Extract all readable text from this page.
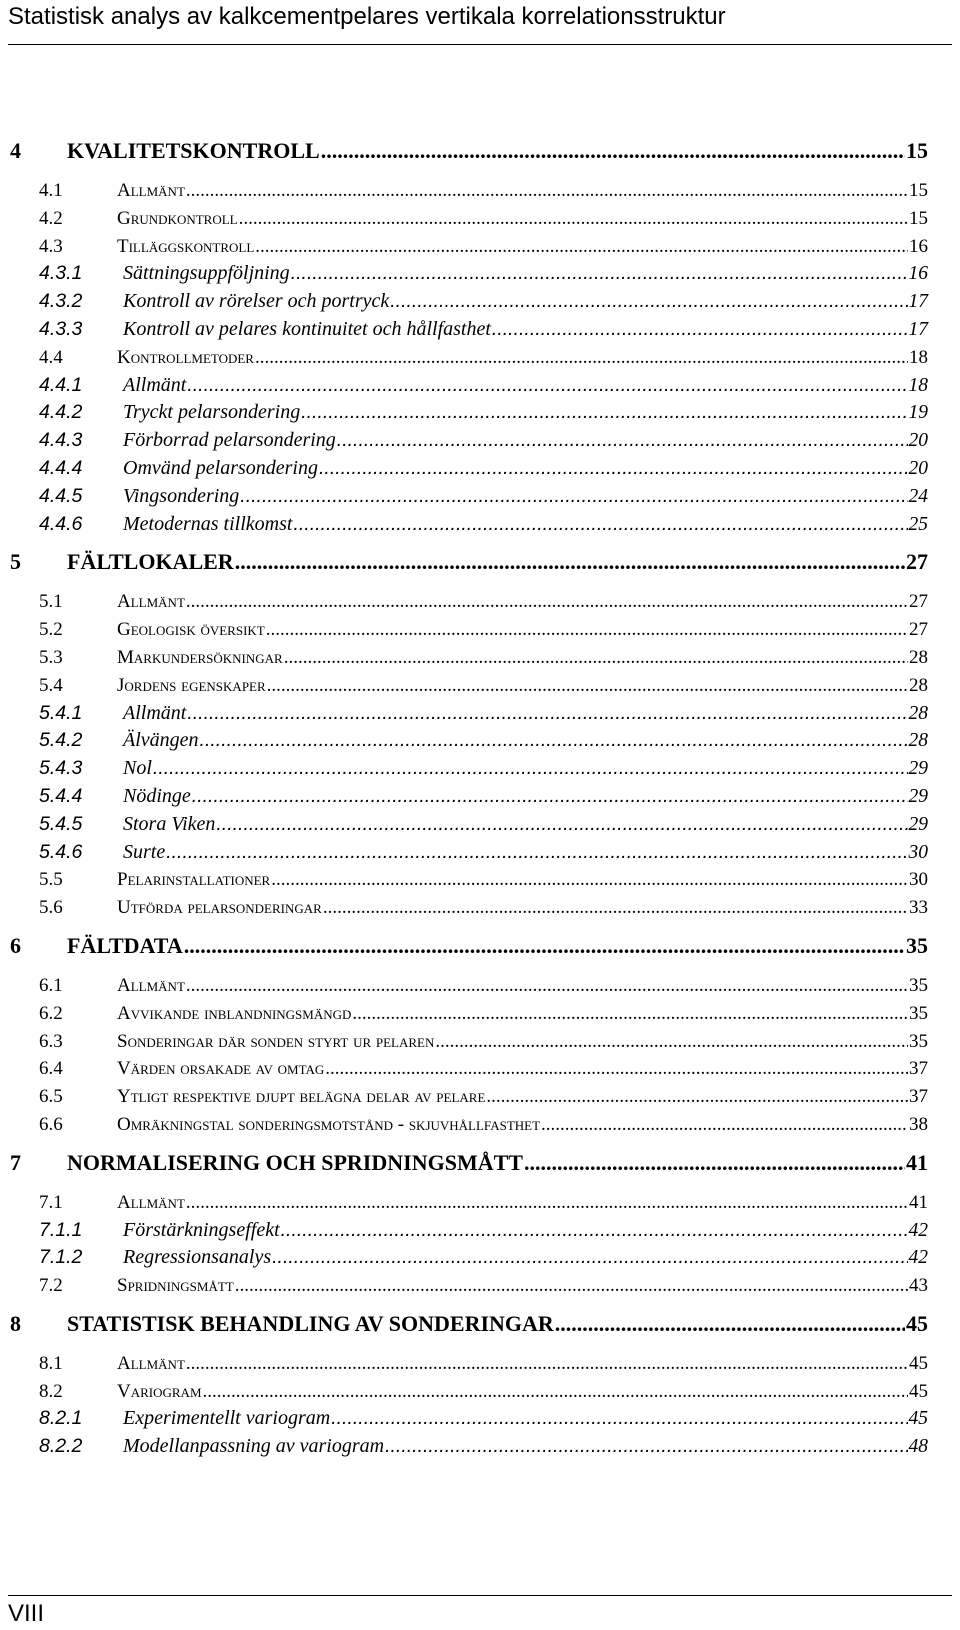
Statistisk analys av kalkcementpelares vertikala korrelationsstruktur
4	KVALITETSKONTROLL .....	15
4.1	Allmänt .....	15
4.2	Grundkontroll .....	15
4.3	Tilläggskontroll .....	16
4.3.1	Sättningsuppföljning .....	16
4.3.2	Kontroll av rörelser och portryck .....	17
4.3.3	Kontroll av pelares kontinuitet och hållfasthet .....	17
4.4	Kontrollmetoder .....	18
4.4.1	Allmänt .....	18
4.4.2	Tryckt pelarsondering .....	19
4.4.3	Förborrad pelarsondering .....	20
4.4.4	Omvänd pelarsondering .....	20
4.4.5	Vingsondering .....	24
4.4.6	Metodernas tillkomst .....	25
5	FÄLTLOKALER .....	27
5.1	Allmänt .....	27
5.2	Geologisk översikt .....	27
5.3	Markundersökningar .....	28
5.4	Jordens egenskaper .....	28
5.4.1	Allmänt .....	28
5.4.2	Älvängen .....	28
5.4.3	Nol .....	29
5.4.4	Nödinge .....	29
5.4.5	Stora Viken .....	29
5.4.6	Surte .....	30
5.5	Pelarinstallationer .....	30
5.6	Utförda pelarsonderingar .....	33
6	FÄLTDATA .....	35
6.1	Allmänt .....	35
6.2	Avvikande inblandningsmängd .....	35
6.3	Sonderingar där sonden styrt ur pelaren .....	35
6.4	Värden orsakade av omtag .....	37
6.5	Ytligt respektive djupt belägna delar av pelare .....	37
6.6	Omräkningstal sonderingsmotstånd - skjuvhållfasthet .....	38
7	NORMALISERING OCH SPRIDNINGSMÅTT .....	41
7.1	Allmänt .....	41
7.1.1	Förstärkningseffekt .....	42
7.1.2	Regressionsanalys .....	42
7.2	Spridningsmått .....	43
8	STATISTISK BEHANDLING AV SONDERINGAR .....	45
8.1	Allmänt .....	45
8.2	Variogram .....	45
8.2.1	Experimentellt variogram .....	45
8.2.2	Modellanpassning av variogram .....	48
VIII
